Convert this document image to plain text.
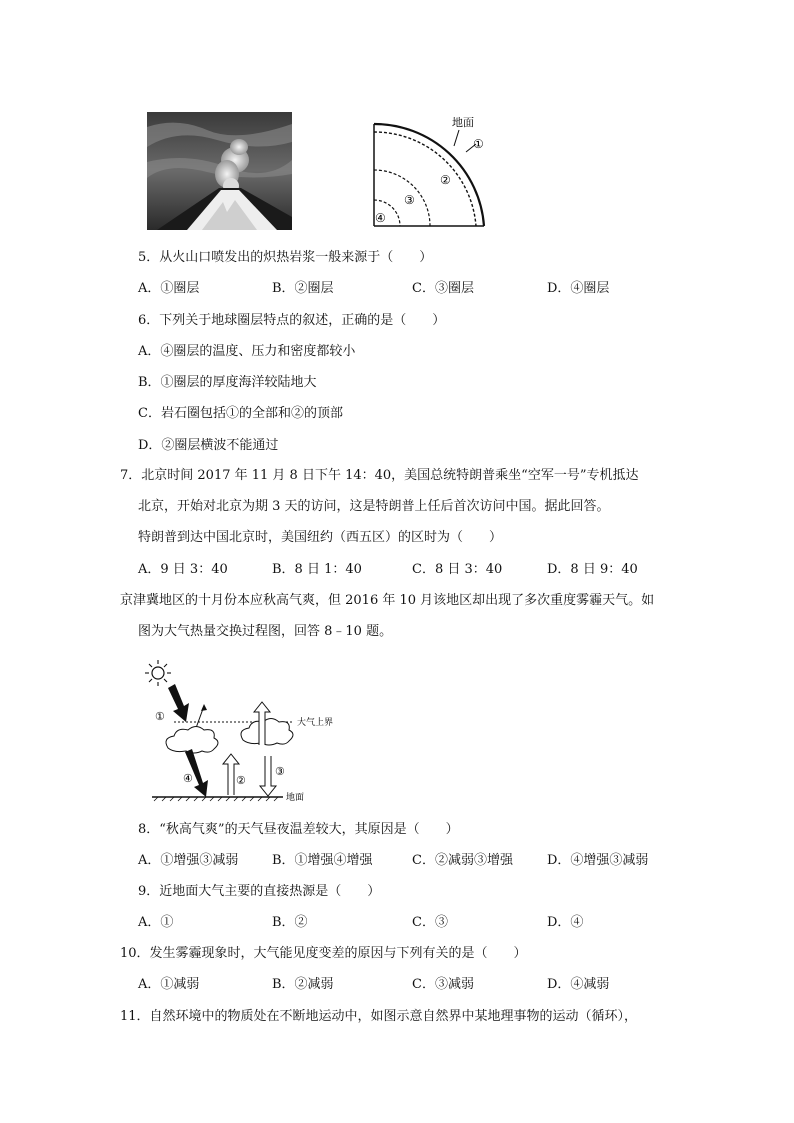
地面
①
②
③
④
5．从火山口喷发出的炽热岩浆一般来源于（　　）
A．①圈层	B．②圈层	C．③圈层	D．④圈层
6．下列关于地球圈层特点的叙述，正确的是（　　）
A．④圈层的温度、压力和密度都较小
B．①圈层的厚度海洋较陆地大
C．岩石圈包括①的全部和②的顶部
D．②圈层横波不能通过
7．北京时间 2017 年 11 月 8 日下午 14：40，美国总统特朗普乘坐“空军一号”专机抵达
北京，开始对北京为期 3 天的访问，这是特朗普上任后首次访问中国。据此回答。
特朗普到达中国北京时，美国纽约（西五区）的区时为（　　）
A．9 日 3：40	B．8 日 1：40	C．8 日 3：40	D．8 日 9：40
京津冀地区的十月份本应秋高气爽，但 2016 年 10 月该地区却出现了多次重度雾霾天气。如
图为大气热量交换过程图，回答 8﹣10 题。
大气上界
①
④	②
③
地面
8．“秋高气爽”的天气昼夜温差较大，其原因是（　　）
A．①增强③减弱	B．①增强④增强	C．②减弱③增强	D．④增强③减弱
9．近地面大气主要的直接热源是（　　）
A．①	B．②	C．③	D．④
10．发生雾霾现象时，大气能见度变差的原因与下列有关的是（　　）
A．①减弱	B．②减弱	C．③减弱	D．④减弱
11．自然环境中的物质处在不断地运动中，如图示意自然界中某地理事物的运动（循环），
